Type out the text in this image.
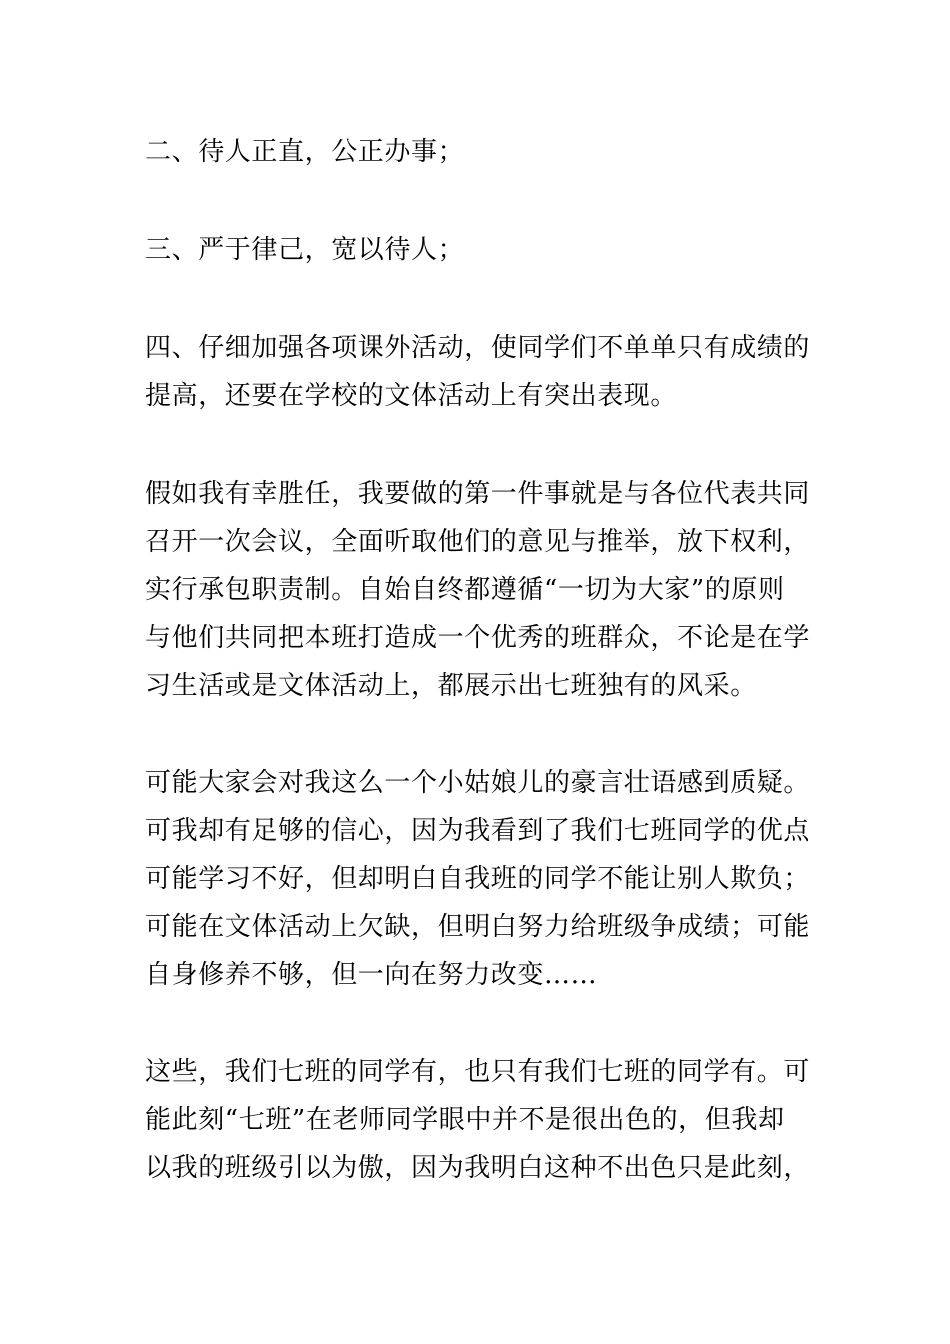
二、待人正直，公正办事；

三、严于律己，宽以待人；

四、仔细加强各项课外活动，使同学们不单单只有成绩的
提高，还要在学校的文体活动上有突出表现。

假如我有幸胜任，我要做的第一件事就是与各位代表共同
召开一次会议，全面听取他们的意见与推举，放下权利，
实行承包职责制。自始自终都遵循“一切为大家”的原则
与他们共同把本班打造成一个优秀的班群众，不论是在学
习生活或是文体活动上，都展示出七班独有的风采。

可能大家会对我这么一个小姑娘儿的豪言壮语感到质疑。
可我却有足够的信心，因为我看到了我们七班同学的优点
可能学习不好，但却明白自我班的同学不能让别人欺负；
可能在文体活动上欠缺，但明白努力给班级争成绩；可能
自身修养不够，但一向在努力改变……

这些，我们七班的同学有，也只有我们七班的同学有。可
能此刻“七班”在老师同学眼中并不是很出色的，但我却
以我的班级引以为傲，因为我明白这种不出色只是此刻，
